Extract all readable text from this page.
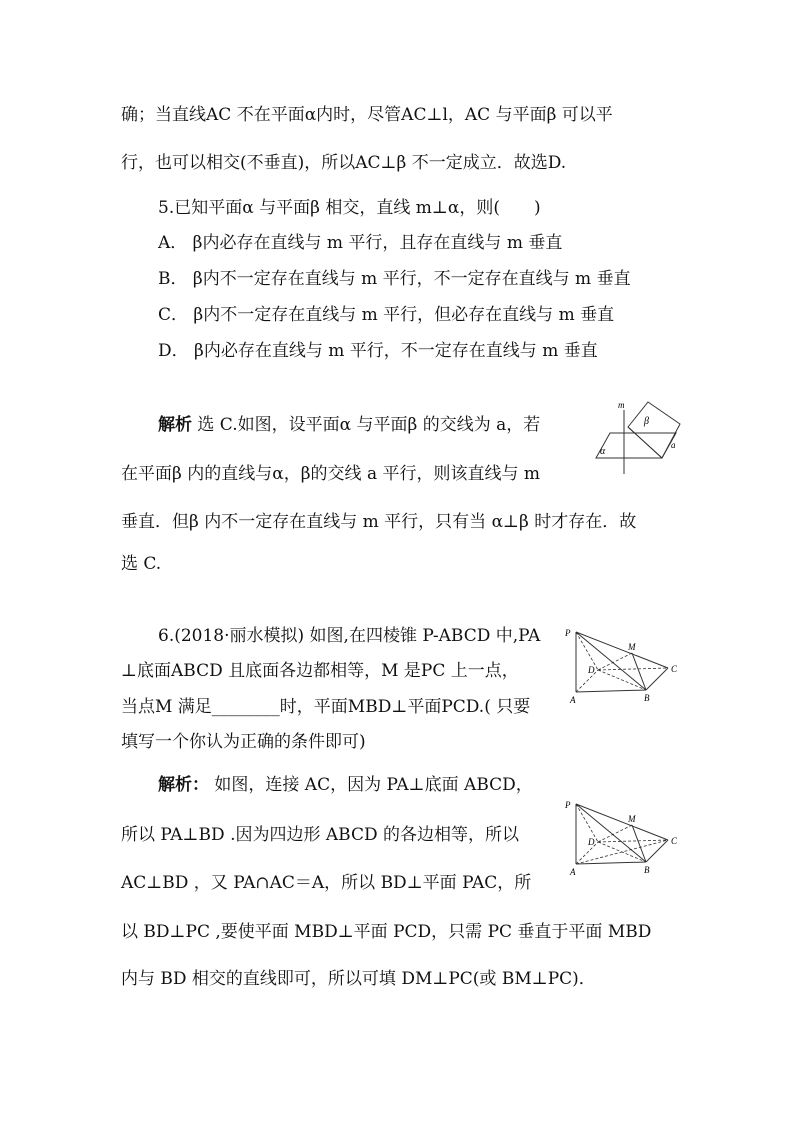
确；当直线AC 不在平面α内时，尽管AC⊥l，AC 与平面β 可以平
行，也可以相交(不垂直)，所以AC⊥β 不一定成立．故选D.
5.已知平面α 与平面β 相交，直线 m⊥α，则(　　)
A． β内必存在直线与 m 平行，且存在直线与 m 垂直
B． β内不一定存在直线与 m 平行，不一定存在直线与 m 垂直
C． β内不一定存在直线与 m 平行，但必存在直线与 m 垂直
D． β内必存在直线与 m 平行，不一定存在直线与 m 垂直
解析 选 C.如图，设平面α 与平面β 的交线为 a，若
在平面β 内的直线与α，β的交线 a 平行，则该直线与 m
垂直．但β 内不一定存在直线与 m 平行，只有当 α⊥β 时才存在．故
选 C.
m
β
α
a
6.(2018·丽水模拟) 如图,在四棱锥 P-ABCD 中,PA
⊥底面ABCD 且底面各边都相等，M 是PC 上一点，
当点M 满足________时，平面MBD⊥平面PCD.( 只要
填写一个你认为正确的条件即可)
解析： 如图，连接 AC，因为 PA⊥底面 ABCD，
所以 PA⊥BD .因为四边形 ABCD 的各边相等，所以
AC⊥BD ，又 PA∩AC＝A，所以 BD⊥平面 PAC，所
以 BD⊥PC ,要使平面 MBD⊥平面 PCD，只需 PC 垂直于平面 MBD
内与 BD 相交的直线即可，所以可填 DM⊥PC(或 BM⊥PC)．
P
M
D	C
A	B
P
M
D	C
A	B
